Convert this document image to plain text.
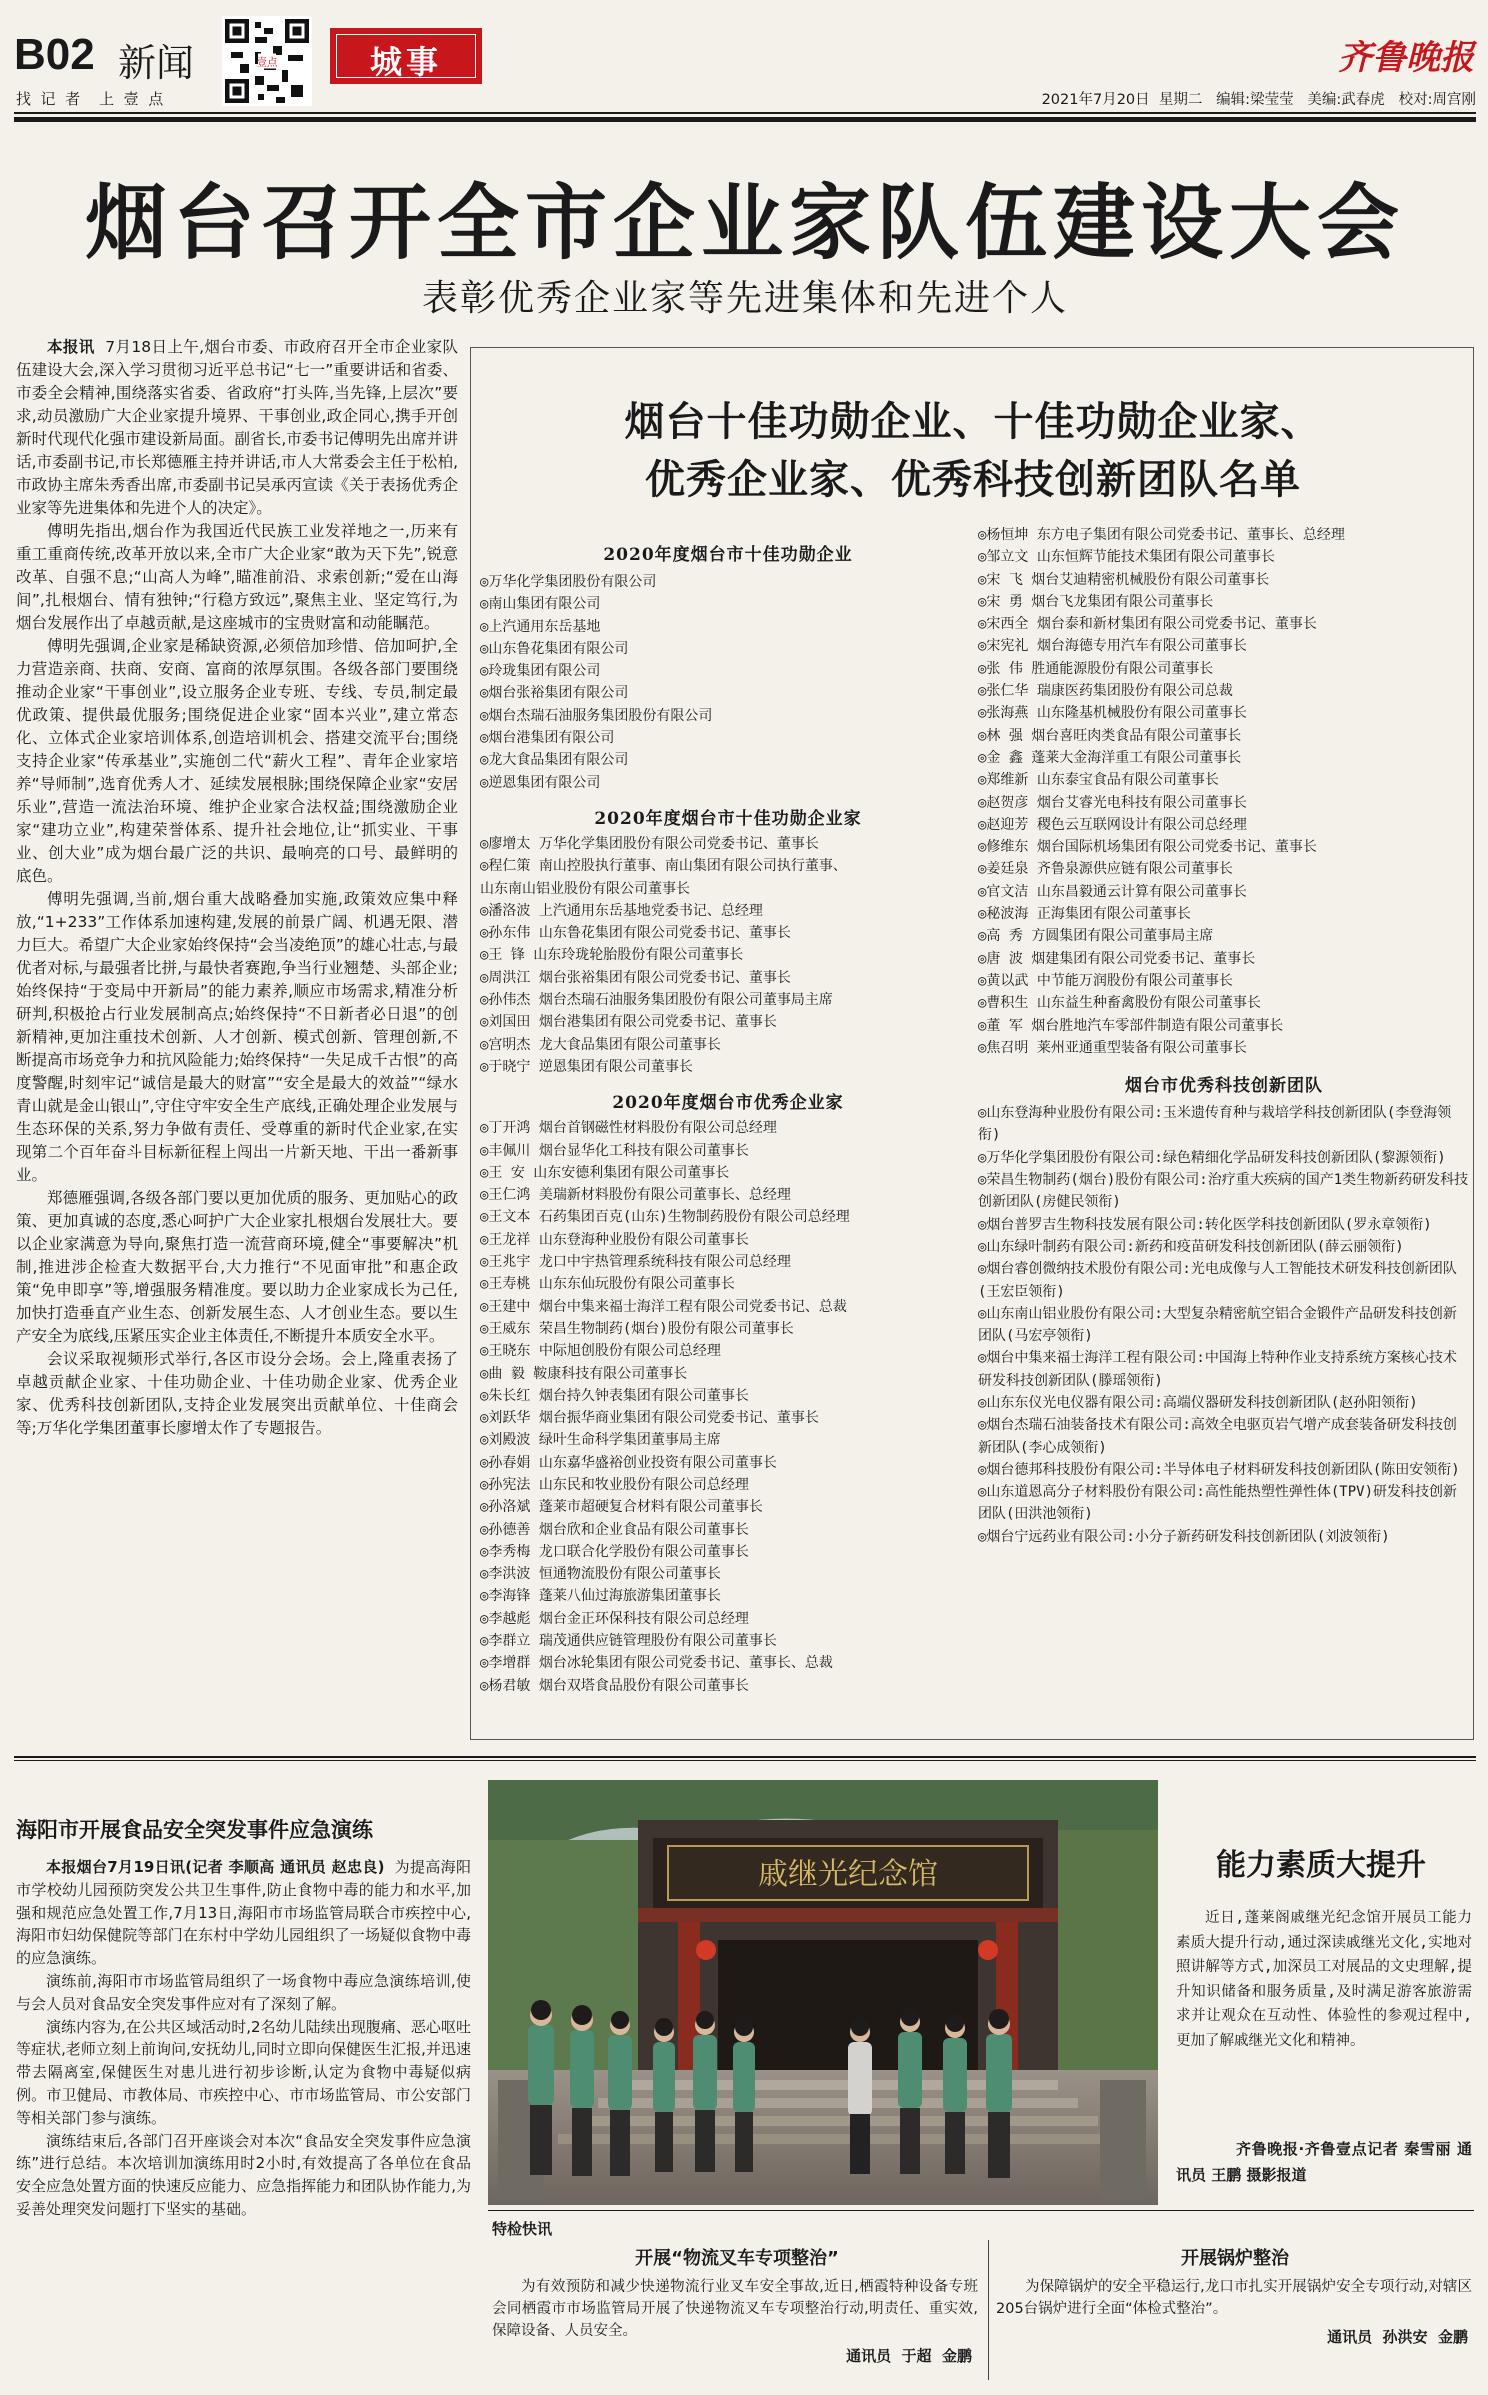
B02 新闻
找  记  者    上  壹  点
壹点	城事	齐鲁晚报
2021年7月20日  星期二   编辑:梁莹莹   美编:武春虎   校对:周宫刚
烟台召开全市企业家队伍建设大会
表彰优秀企业家等先进集体和先进个人

本报讯 7月18日上午,烟台市委、市政府召开全市企业家队伍建设大会,深入学习贯彻习近平总书记“七一”重要讲话和省委、市委全会精神,围绕落实省委、省政府“打头阵,当先锋,上层次”要求,动员激励广大企业家提升境界、干事创业,政企同心,携手开创新时代现代化强市建设新局面。副省长,市委书记傅明先出席并讲话,市委副书记,市长郑德雁主持并讲话,市人大常委会主任于松柏,市政协主席朱秀香出席,市委副书记吴承丙宣读《关于表扬优秀企业家等先进集体和先进个人的决定》。

傅明先指出,烟台作为我国近代民族工业发祥地之一,历来有重工重商传统,改革开放以来,全市广大企业家“敢为天下先”,锐意改革、自强不息;“山高人为峰”,瞄准前沿、求索创新;“爱在山海间”,扎根烟台、情有独钟;“行稳方致远”,聚焦主业、坚定笃行,为烟台发展作出了卓越贡献,是这座城市的宝贵财富和动能瞩范。

傅明先强调,企业家是稀缺资源,必须倍加珍惜、倍加呵护,全力营造亲商、扶商、安商、富商的浓厚氛围。各级各部门要围绕推动企业家“干事创业”,设立服务企业专班、专线、专员,制定最优政策、提供最优服务;围绕促进企业家“固本兴业”,建立常态化、立体式企业家培训体系,创造培训机会、搭建交流平台;围绕支持企业家“传承基业”,实施创二代“薪火工程”、青年企业家培养“导师制”,选育优秀人才、延续发展根脉;围绕保障企业家“安居乐业”,营造一流法治环境、维护企业家合法权益;围绕激励企业家“建功立业”,构建荣誉体系、提升社会地位,让“抓实业、干事业、创大业”成为烟台最广泛的共识、最响亮的口号、最鲜明的底色。

傅明先强调,当前,烟台重大战略叠加实施,政策效应集中释放,“1+233”工作体系加速构建,发展的前景广阔、机遇无限、潜力巨大。希望广大企业家始终保持“会当凌绝顶”的雄心壮志,与最优者对标,与最强者比拼,与最快者赛跑,争当行业翘楚、头部企业;始终保持“于变局中开新局”的能力素养,顺应市场需求,精准分析研判,积极抢占行业发展制高点;始终保持“不日新者必日退”的创新精神,更加注重技术创新、人才创新、模式创新、管理创新,不断提高市场竞争力和抗风险能力;始终保持“一失足成千古恨”的高度警醒,时刻牢记“诚信是最大的财富”“安全是最大的效益”“绿水青山就是金山银山”,守住守牢安全生产底线,正确处理企业发展与生态环保的关系,努力争做有责任、受尊重的新时代企业家,在实现第二个百年奋斗目标新征程上闯出一片新天地、干出一番新事业。

郑德雁强调,各级各部门要以更加优质的服务、更加贴心的政策、更加真诚的态度,悉心呵护广大企业家扎根烟台发展壮大。要以企业家满意为导向,聚焦打造一流营商环境,健全“事要解决”机制,推进涉企检查大数据平台,大力推行“不见面审批”和惠企政策“免申即享”等,增强服务精准度。要以助力企业家成长为己任,加快打造垂直产业生态、创新发展生态、人才创业生态。要以生产安全为底线,压紧压实企业主体责任,不断提升本质安全水平。

会议采取视频形式举行,各区市设分会场。会上,隆重表扬了卓越贡献企业家、十佳功勋企业、十佳功勋企业家、优秀企业家、优秀科技创新团队,支持企业发展突出贡献单位、十佳商会等;万华化学集团董事长廖增太作了专题报告。

烟台十佳功勋企业、十佳功勋企业家、
优秀企业家、优秀科技创新团队名单
2020年度烟台市十佳功勋企业
◎万华化学集团股份有限公司
◎南山集团有限公司
◎上汽通用东岳基地
◎山东鲁花集团有限公司
◎玲珑集团有限公司
◎烟台张裕集团有限公司
◎烟台杰瑞石油服务集团股份有限公司
◎烟台港集团有限公司
◎龙大食品集团有限公司
◎逆恩集团有限公司
2020年度烟台市十佳功勋企业家
◎廖增太 万华化学集团股份有限公司党委书记、董事长
◎程仁策 南山控股执行董事、南山集团有限公司执行董事、
山东南山铝业股份有限公司董事长
◎潘洛波 上汽通用东岳基地党委书记、总经理
◎孙东伟 山东鲁花集团有限公司党委书记、董事长
◎王 锋 山东玲珑轮胎股份有限公司董事长
◎周洪江 烟台张裕集团有限公司党委书记、董事长
◎孙伟杰 烟台杰瑞石油服务集团股份有限公司董事局主席
◎刘国田 烟台港集团有限公司党委书记、董事长
◎宫明杰 龙大食品集团有限公司董事长
◎于晓宁 逆恩集团有限公司董事长
2020年度烟台市优秀企业家
◎丁开鸿 烟台首钢磁性材料股份有限公司总经理
◎丰佩川 烟台显华化工科技有限公司董事长
◎王 安 山东安德利集团有限公司董事长
◎王仁鸿 美瑞新材料股份有限公司董事长、总经理
◎王文本 石药集团百克(山东)生物制药股份有限公司总经理
◎王龙祥 山东登海种业股份有限公司董事长
◎王兆宇 龙口中宇热管理系统科技有限公司总经理
◎王寿桃 山东东仙玩股份有限公司董事长
◎王建中 烟台中集来福士海洋工程有限公司党委书记、总裁
◎王威东 荣昌生物制药(烟台)股份有限公司董事长
◎王晓东 中际旭创股份有限公司总经理
◎曲 毅 鞍康科技有限公司董事长
◎朱长红 烟台持久钟表集团有限公司董事长
◎刘跃华 烟台振华商业集团有限公司党委书记、董事长
◎刘殿波 绿叶生命科学集团董事局主席
◎孙春娟 山东嘉华盛裕创业投资有限公司董事长
◎孙宪法 山东民和牧业股份有限公司总经理
◎孙洛斌 蓬莱市超硬复合材料有限公司董事长
◎孙德善 烟台欣和企业食品有限公司董事长
◎李秀梅 龙口联合化学股份有限公司董事长
◎李洪波 恒通物流股份有限公司董事长
◎李海锋 蓬莱八仙过海旅游集团董事长
◎李越彪 烟台金正环保科技有限公司总经理
◎李群立 瑞茂通供应链管理股份有限公司董事长
◎李增群 烟台冰轮集团有限公司党委书记、董事长、总裁
◎杨君敏 烟台双塔食品股份有限公司董事长
◎杨恒坤 东方电子集团有限公司党委书记、董事长、总经理
◎邹立文 山东恒辉节能技术集团有限公司董事长
◎宋 飞 烟台艾迪精密机械股份有限公司董事长
◎宋 勇 烟台飞龙集团有限公司董事长
◎宋西全 烟台泰和新材集团有限公司党委书记、董事长
◎宋宪礼 烟台海德专用汽车有限公司董事长
◎张 伟 胜通能源股份有限公司董事长
◎张仁华 瑞康医药集团股份有限公司总裁
◎张海燕 山东隆基机械股份有限公司董事长
◎林 强 烟台喜旺肉类食品有限公司董事长
◎金 鑫 蓬莱大金海洋重工有限公司董事长
◎郑维新 山东泰宝食品有限公司董事长
◎赵贺彦 烟台艾睿光电科技有限公司董事长
◎赵迎芳 稷色云互联网设计有限公司总经理
◎修维东 烟台国际机场集团有限公司党委书记、董事长
◎姜廷泉 齐鲁泉源供应链有限公司董事长
◎官文洁 山东昌毅通云计算有限公司董事长
◎秘波海 正海集团有限公司董事长
◎高 秀 方圆集团有限公司董事局主席
◎唐 波 烟建集团有限公司党委书记、董事长
◎黄以武 中节能万润股份有限公司董事长
◎曹积生 山东益生种畜禽股份有限公司董事长
◎董 军 烟台胜地汽车零部件制造有限公司董事长
◎焦召明 莱州亚通重型装备有限公司董事长
烟台市优秀科技创新团队
◎山东登海种业股份有限公司:玉米遗传育种与栽培学科技创新团队(李登海领衔)
◎万华化学集团股份有限公司:绿色精细化学品研发科技创新团队(黎源领衔)
◎荣昌生物制药(烟台)股份有限公司:治疗重大疾病的国产1类生物新药研发科技创新团队(房健民领衔)
◎烟台普罗吉生物科技发展有限公司:转化医学科技创新团队(罗永章领衔)
◎山东绿叶制药有限公司:新药和疫苗研发科技创新团队(薛云丽领衔)
◎烟台睿创微纳技术股份有限公司:光电成像与人工智能技术研发科技创新团队(王宏臣领衔)
◎山东南山铝业股份有限公司:大型复杂精密航空铝合金锻件产品研发科技创新团队(马宏亭领衔)
◎烟台中集来福士海洋工程有限公司:中国海上特种作业支持系统方案核心技术研发科技创新团队(滕瑶领衔)
◎山东东仪光电仪器有限公司:高端仪器研发科技创新团队(赵孙阳领衔)
◎烟台杰瑞石油装备技术有限公司:高效全电驱页岩气增产成套装备研发科技创新团队(李心成领衔)
◎烟台德邦科技股份有限公司:半导体电子材料研发科技创新团队(陈田安领衔)
◎山东道恩高分子材料股份有限公司:高性能热塑性弹性体(TPV)研发科技创新团队(田洪池领衔)
◎烟台宁远药业有限公司:小分子新药研发科技创新团队(刘波领衔)
海阳市开展食品安全突发事件应急演练

本报烟台7月19日讯(记者 李顺高 通讯员 赵忠良) 为提高海阳市学校幼儿园预防突发公共卫生事件,防止食物中毒的能力和水平,加强和规范应急处置工作,7月13日,海阳市市场监管局联合市疾控中心,海阳市妇幼保健院等部门在东村中学幼儿园组织了一场疑似食物中毒的应急演练。

演练前,海阳市市场监管局组织了一场食物中毒应急演练培训,使与会人员对食品安全突发事件应对有了深刻了解。

演练内容为,在公共区域活动时,2名幼儿陆续出现腹痛、恶心呕吐等症状,老师立刻上前询问,安抚幼儿,同时立即向保健医生汇报,并迅速带去隔离室,保健医生对患儿进行初步诊断,认定为食物中毒疑似病例。市卫健局、市教体局、市疾控中心、市市场监管局、市公安部门等相关部门参与演练。

演练结束后,各部门召开座谈会对本次“食品安全突发事件应急演练”进行总结。本次培训加演练用时2小时,有效提高了各单位在食品安全应急处置方面的快速反应能力、应急指挥能力和团队协作能力,为妥善处理突发问题打下坚实的基础。

戚继光纪念馆	能力素质大提升
近日,蓬莱阁戚继光纪念馆开展员工能力素质大提升行动,通过深读戚继光文化,实地对照讲解等方式,加深员工对展品的文史理解,提升知识储备和服务质量,及时满足游客旅游需求并让观众在互动性、体验性的参观过程中,更加了解戚继光文化和精神。
齐鲁晚报·齐鲁壹点记者 秦雪丽 通讯员 王鹏 摄影报道
特检快讯
开展“物流叉车专项整治”
为有效预防和减少快递物流行业叉车安全事故,近日,栖霞特种设备专班会同栖霞市市场监管局开展了快递物流叉车专项整治行动,明责任、重实效,保障设备、人员安全。
通讯员  于超  金鹏
开展锅炉整治
为保障锅炉的安全平稳运行,龙口市扎实开展锅炉安全专项行动,对辖区205台锅炉进行全面“体检式整治”。
通讯员  孙洪安  金鹏
